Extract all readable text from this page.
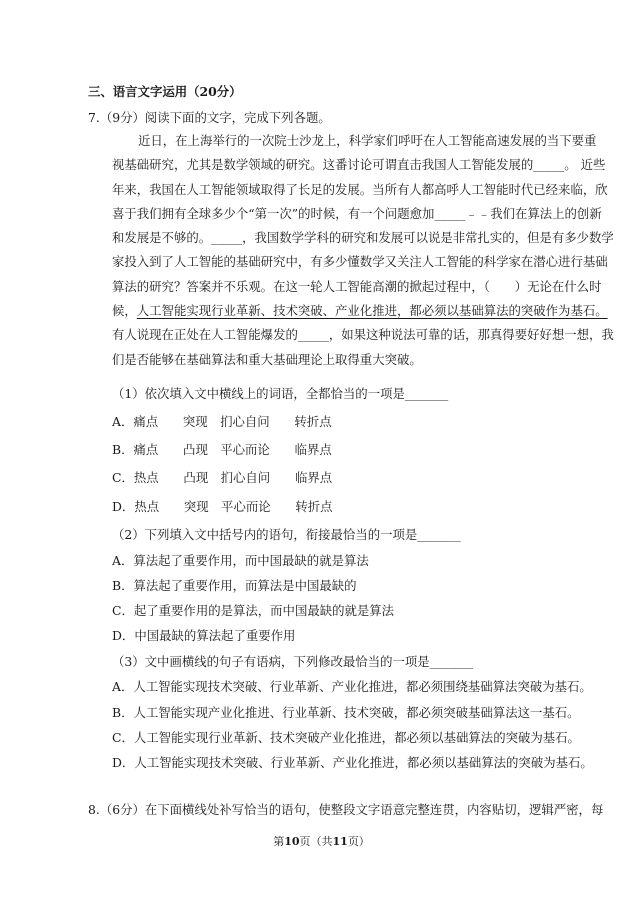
三、语言文字运用（20分）
7.（9分）阅读下面的文字，完成下列各题。
近日，在上海举行的一次院士沙龙上，科学家们呼吁在人工智能高速发展的当下要重
视基础研究，尤其是数学领域的研究。这番讨论可谓直击我国人工智能发展的_____。 近些
年来，我国在人工智能领域取得了长足的发展。当所有人都高呼人工智能时代已经来临，欣
喜于我们拥有全球多少个“第一次”的时候，有一个问题愈加_____﹣﹣我们在算法上的创新
和发展是不够的。_____，我国数学学科的研究和发展可以说是非常扎实的，但是有多少数学
家投入到了人工智能的基础研究中，有多少懂数学又关注人工智能的科学家在潜心进行基础
算法的研究？答案并不乐观。在这一轮人工智能高潮的掀起过程中，（　　）无论在什么时
候，人工智能实现行业革新、技术突破、产业化推进，都必须以基础算法的突破作为基石。
有人说现在正处在人工智能爆发的_____，如果这种说法可靠的话，那真得要好好想一想，我
们是否能够在基础算法和重大基础理论上取得重大突破。
（1）依次填入文中横线上的词语，全都恰当的一项是_______
A．痛点　　突现　扪心自问　　转折点
B．痛点　　凸现　平心而论　　临界点
C．热点　　凸现　扪心自问　　临界点
D．热点　　突现　平心而论　　转折点
（2）下列填入文中括号内的语句，衔接最恰当的一项是_______
A．算法起了重要作用，而中国最缺的就是算法
B．算法起了重要作用，而算法是中国最缺的
C．起了重要作用的是算法，而中国最缺的就是算法
D．中国最缺的算法起了重要作用
（3）文中画横线的句子有语病，下列修改最恰当的一项是_______
A．人工智能实现技术突破、行业革新、产业化推进，都必须围绕基础算法突破为基石。
B．人工智能实现产业化推进、行业革新、技术突破，都必须突破基础算法这一基石。
C．人工智能实现行业革新、技术突破产业化推进，都必须以基础算法的突破为基石。
D．人工智能实现技术突破、行业革新、产业化推进，都必须以基础算法的突破为基石。
8.（6分）在下面横线处补写恰当的语句，使整段文字语意完整连贯，内容贴切，逻辑严密，每
第10页（共11页）
